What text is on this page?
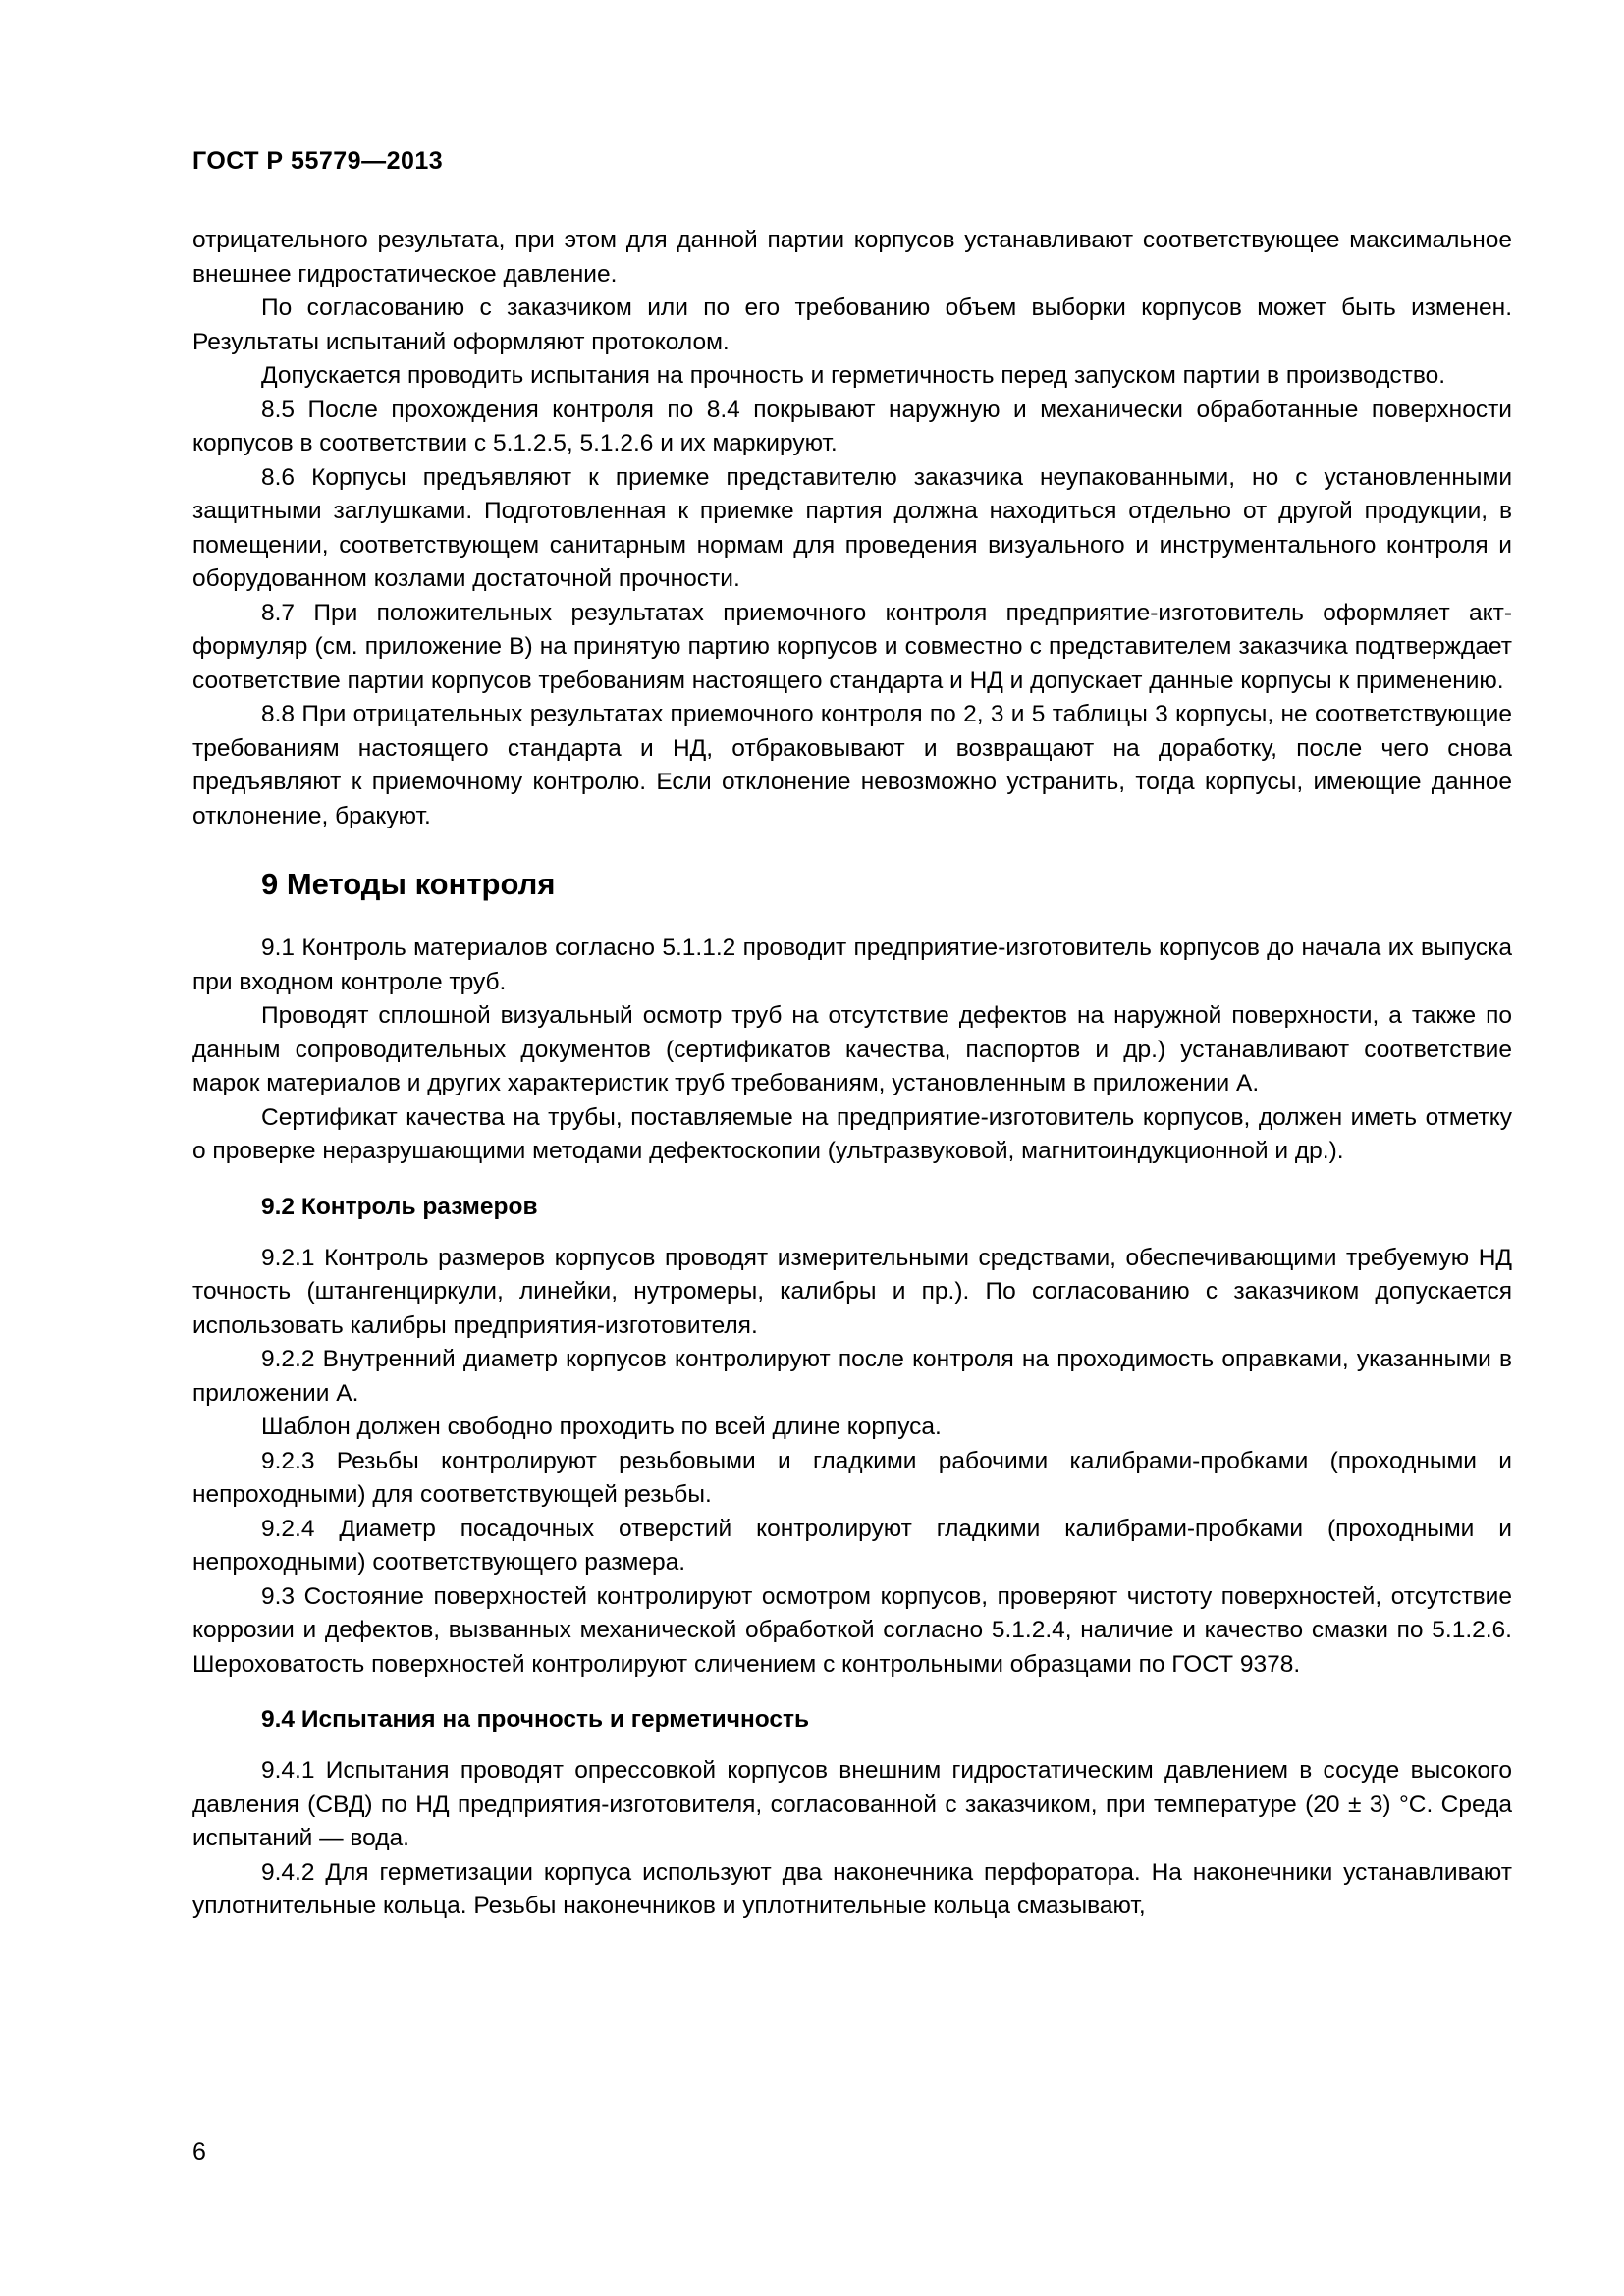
ГОСТ Р 55779—2013

отрицательного результата, при этом для данной партии корпусов устанавливают соответствующее максимальное внешнее гидростатическое давление.

По согласованию с заказчиком или по его требованию объем выборки корпусов может быть изменен. Результаты испытаний оформляют протоколом.

Допускается проводить испытания на прочность и герметичность перед запуском партии в производство.

8.5 После прохождения контроля по 8.4 покрывают наружную и механически обработанные поверхности корпусов в соответствии с 5.1.2.5, 5.1.2.6 и их маркируют.

8.6 Корпусы предъявляют к приемке представителю заказчика неупакованными, но с установленными защитными заглушками. Подготовленная к приемке партия должна находиться отдельно от другой продукции, в помещении, соответствующем санитарным нормам для проведения визуального и инструментального контроля и оборудованном козлами достаточной прочности.

8.7 При положительных результатах приемочного контроля предприятие-изготовитель оформляет акт-формуляр (см. приложение В) на принятую партию корпусов и совместно с представителем заказчика подтверждает соответствие партии корпусов требованиям настоящего стандарта и НД и допускает данные корпусы к применению.

8.8 При отрицательных результатах приемочного контроля по 2, 3 и 5 таблицы 3 корпусы, не соответствующие требованиям настоящего стандарта и НД, отбраковывают и возвращают на доработку, после чего снова предъявляют к приемочному контролю. Если отклонение невозможно устранить, тогда корпусы, имеющие данное отклонение, бракуют.

9 Методы контроля

9.1 Контроль материалов согласно 5.1.1.2 проводит предприятие-изготовитель корпусов до начала их выпуска при входном контроле труб.

Проводят сплошной визуальный осмотр труб на отсутствие дефектов на наружной поверхности, а также по данным сопроводительных документов (сертификатов качества, паспортов и др.) устанавливают соответствие марок материалов и других характеристик труб требованиям, установленным в приложении А.

Сертификат качества на трубы, поставляемые на предприятие-изготовитель корпусов, должен иметь отметку о проверке неразрушающими методами дефектоскопии (ультразвуковой, магнитоиндукционной и др.).

9.2 Контроль размеров

9.2.1 Контроль размеров корпусов проводят измерительными средствами, обеспечивающими требуемую НД точность (штангенциркули, линейки, нутромеры, калибры и пр.). По согласованию с заказчиком допускается использовать калибры предприятия-изготовителя.

9.2.2 Внутренний диаметр корпусов контролируют после контроля на проходимость оправками, указанными в приложении А.

Шаблон должен свободно проходить по всей длине корпуса.

9.2.3 Резьбы контролируют резьбовыми и гладкими рабочими калибрами-пробками (проходными и непроходными) для соответствующей резьбы.

9.2.4 Диаметр посадочных отверстий контролируют гладкими калибрами-пробками (проходными и непроходными) соответствующего размера.

9.3 Состояние поверхностей контролируют осмотром корпусов, проверяют чистоту поверхностей, отсутствие коррозии и дефектов, вызванных механической обработкой согласно 5.1.2.4, наличие и качество смазки по 5.1.2.6. Шероховатость поверхностей контролируют сличением с контрольными образцами по ГОСТ 9378.

9.4 Испытания на прочность и герметичность

9.4.1 Испытания проводят опрессовкой корпусов внешним гидростатическим давлением в сосуде высокого давления (СВД) по НД предприятия-изготовителя, согласованной с заказчиком, при температуре (20 ± 3) °С. Среда испытаний — вода.

9.4.2 Для герметизации корпуса используют два наконечника перфоратора. На наконечники устанавливают уплотнительные кольца. Резьбы наконечников и уплотнительные кольца смазывают,

6
